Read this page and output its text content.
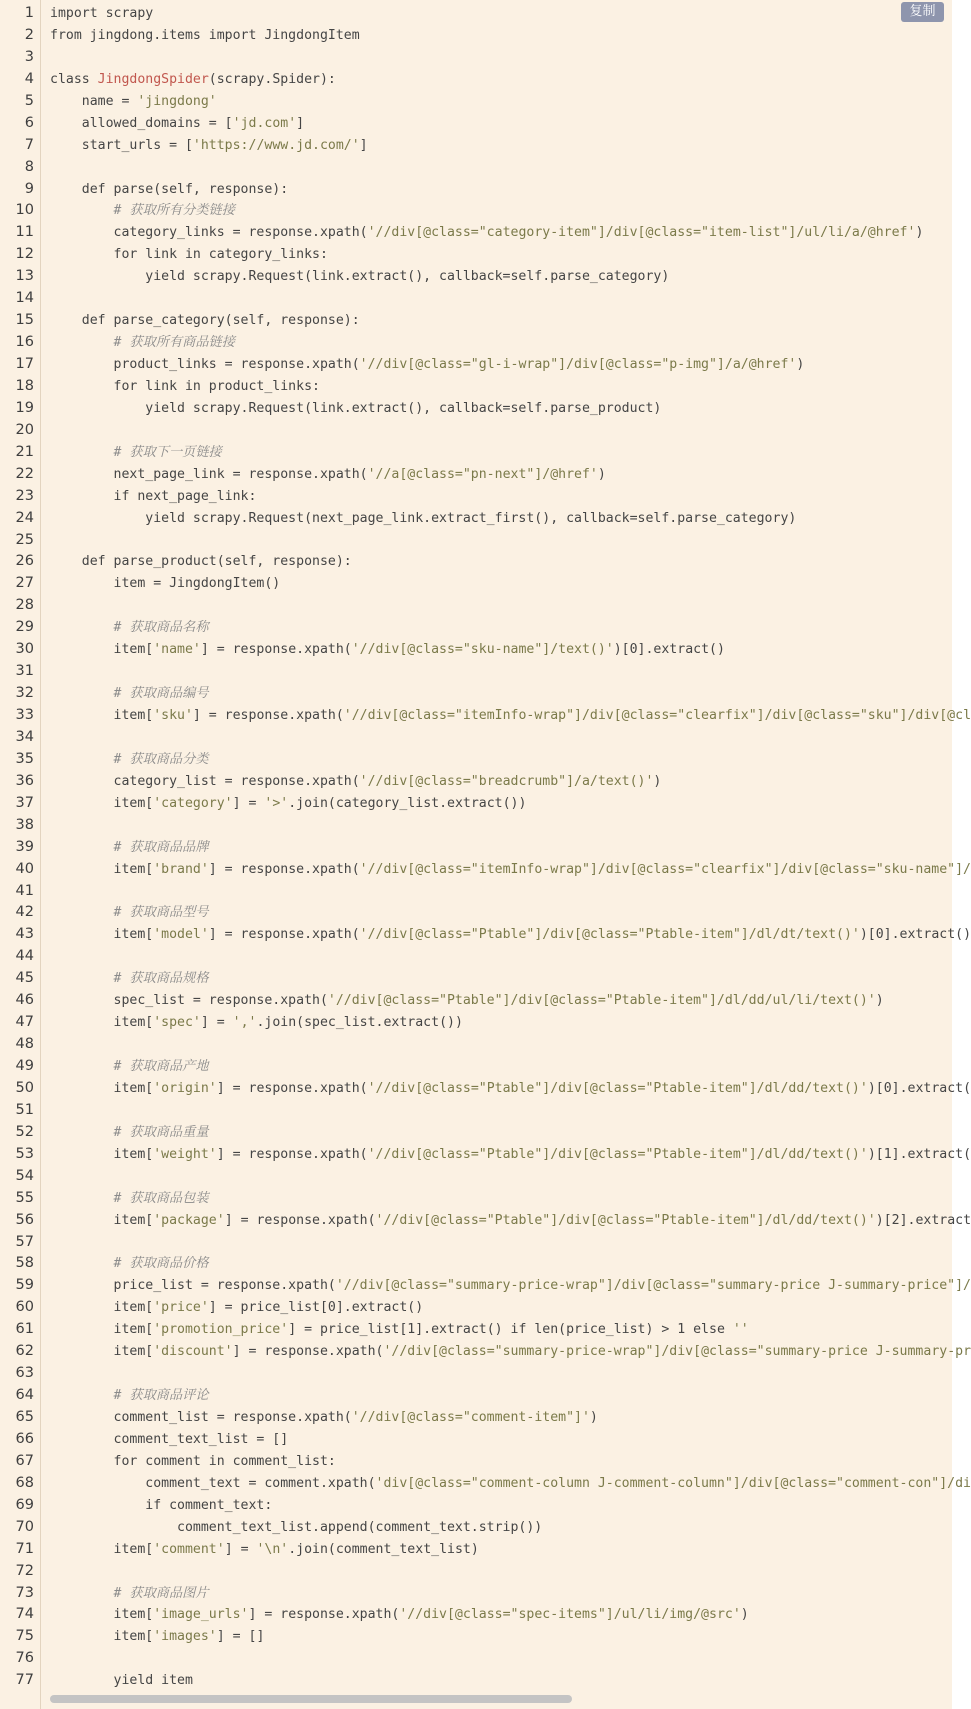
1 import scrapy
2 from jingdong.items import JingdongItem
3
4 class JingdongSpider(scrapy.Spider):
5 name = 'jingdong'
6 allowed_domains = ['jd.com']
7 start_urls = ['https://www.jd.com/']
8
9 def parse(self, response):
10 # 获取所有分类链接
11 category_links = response.xpath('//div[@class="category-item"]/div[@class="item-list"]/ul/li/a/@href')
12 for link in category_links:
13 yield scrapy.Request(link.extract(), callback=self.parse_category)
14
15 def parse_category(self, response):
16 # 获取所有商品链接
17 product_links = response.xpath('//div[@class="gl-i-wrap"]/div[@class="p-img"]/a/@href')
18 for link in product_links:
19 yield scrapy.Request(link.extract(), callback=self.parse_product)
20
21 # 获取下一页链接
22 next_page_link = response.xpath('//a[@class="pn-next"]/@href')
23 if next_page_link:
24 yield scrapy.Request(next_page_link.extract_first(), callback=self.parse_category)
25
26 def parse_product(self, response):
27 item = JingdongItem()
28
29 # 获取商品名称
30 item['name'] = response.xpath('//div[@class="sku-name"]/text()')[0].extract()
31
32 # 获取商品编号
33 item['sku'] = response.xpath('//div[@class="itemInfo-wrap"]/div[@class="clearfix"]/div[@class="sku"]/div[@cl
34
35 # 获取商品分类
36 category_list = response.xpath('//div[@class="breadcrumb"]/a/text()')
37 item['category'] = '>'.join(category_list.extract())
38
39 # 获取商品品牌
40 item['brand'] = response.xpath('//div[@class="itemInfo-wrap"]/div[@class="clearfix"]/div[@class="sku-name"]/
41
42 # 获取商品型号
43 item['model'] = response.xpath('//div[@class="Ptable"]/div[@class="Ptable-item"]/dl/dt/text()')[0].extract()
44
45 # 获取商品规格
46 spec_list = response.xpath('//div[@class="Ptable"]/div[@class="Ptable-item"]/dl/dd/ul/li/text()')
47 item['spec'] = ','.join(spec_list.extract())
48
49 # 获取商品产地
50 item['origin'] = response.xpath('//div[@class="Ptable"]/div[@class="Ptable-item"]/dl/dd/text()')[0].extract(
51
52 # 获取商品重量
53 item['weight'] = response.xpath('//div[@class="Ptable"]/div[@class="Ptable-item"]/dl/dd/text()')[1].extract(
54
55 # 获取商品包装
56 item['package'] = response.xpath('//div[@class="Ptable"]/div[@class="Ptable-item"]/dl/dd/text()')[2].extract
57
58 # 获取商品价格
59 price_list = response.xpath('//div[@class="summary-price-wrap"]/div[@class="summary-price J-summary-price"]/
60 item['price'] = price_list[0].extract()
61 item['promotion_price'] = price_list[1].extract() if len(price_list) > 1 else ''
62 item['discount'] = response.xpath('//div[@class="summary-price-wrap"]/div[@class="summary-price J-summary-pr
63
64 # 获取商品评论
65 comment_list = response.xpath('//div[@class="comment-item"]')
66 comment_text_list = []
67 for comment in comment_list:
68 comment_text = comment.xpath('div[@class="comment-column J-comment-column"]/div[@class="comment-con"]/di
69 if comment_text:
70 comment_text_list.append(comment_text.strip())
71 item['comment'] = '\n'.join(comment_text_list)
72
73 # 获取商品图片
74 item['image_urls'] = response.xpath('//div[@class="spec-items"]/ul/li/img/@src')
75 item['images'] = []
76
77 yield item
复制
